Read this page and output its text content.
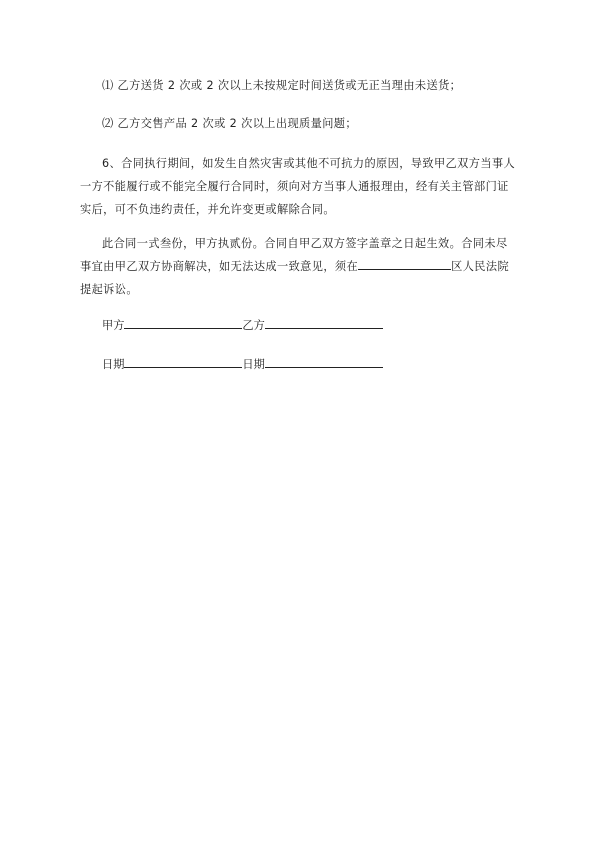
⑴ 乙方送货 2 次或 2 次以上未按规定时间送货或无正当理由未送货；

⑵ 乙方交售产品 2 次或 2 次以上出现质量问题；

6、合同执行期间，如发生自然灾害或其他不可抗力的原因，导致甲乙双方当事人一方不能履行或不能完全履行合同时，须向对方当事人通报理由，经有关主管部门证实后，可不负违约责任，并允许变更或解除合同。

此合同一式叁份，甲方执贰份。合同自甲乙双方签字盖章之日起生效。合同未尽事宜由甲乙双方协商解决，如无法达成一致意见，须在	区人民法院提起诉讼。

甲方	乙方

日期	日期
